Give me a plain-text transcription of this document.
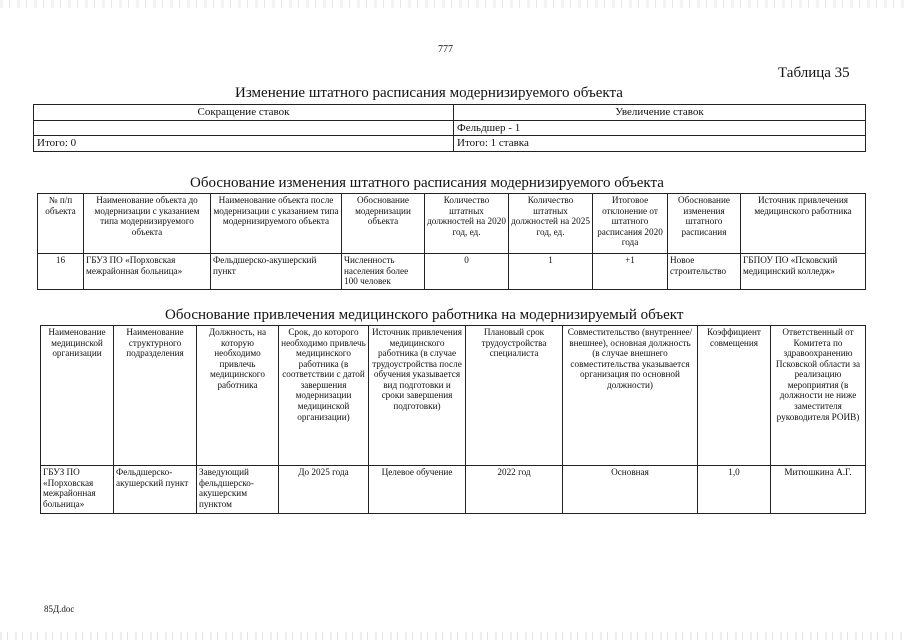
777
Таблица 35
Изменение штатного расписания модернизируемого объекта
Сокращение ставок	Увеличение ставок
	Фельдшер - 1
Итого: 0	Итого: 1 ставка
Обоснование изменения штатного расписания модернизируемого объекта
№ п/п объекта	Наименование объекта до модернизации с указанием типа модернизируемого объекта	Наименование объекта после модернизации с указанием типа модернизируемого объекта	Обоснование модернизации объекта	Количество штатных должностей на 2020 год, ед.	Количество штатных должностей на 2025 год, ед.	Итоговое отклонение от штатного расписания 2020 года	Обоснование изменения штатного расписания	Источник привлечения медицинского работника
16	ГБУЗ ПО «Порховская межрайонная больница»	Фельдшерско-акушерский пункт	Численность населения более 100 человек	0	1	+1	Новое строительство	ГБПОУ ПО «Псковский медицинский колледж»
Обоснование привлечения медицинского работника на модернизируемый объект
Наименование медицинской организации	Наименование структурного подразделения	Должность, на которую необходимо привлечь медицинского работника	Срок, до которого необходимо привлечь медицинского работника (в соответствии с датой завершения модернизации медицинской организации)	Источник привлечения медицинского работника (в случае трудоустройства после обучения указывается вид подготовки и сроки завершения подготовки)	Плановый срок трудоустройства специалиста	Совместительство (внутреннее/внешнее), основная должность (в случае внешнего совместительства указывается организация по основной должности)	Коэффициент совмещения	Ответственный от Комитета по здравоохранению Псковской области за реализацию мероприятия (в должности не ниже заместителя руководителя РОИВ)
ГБУЗ ПО «Порховская межрайонная больница»	Фельдшерско-акушерский пункт	Заведующий фельдшерско-акушерским пунктом	До 2025 года	Целевое обучение	2022 год	Основная	1,0	Митюшкина А.Г.
85Д.doc
